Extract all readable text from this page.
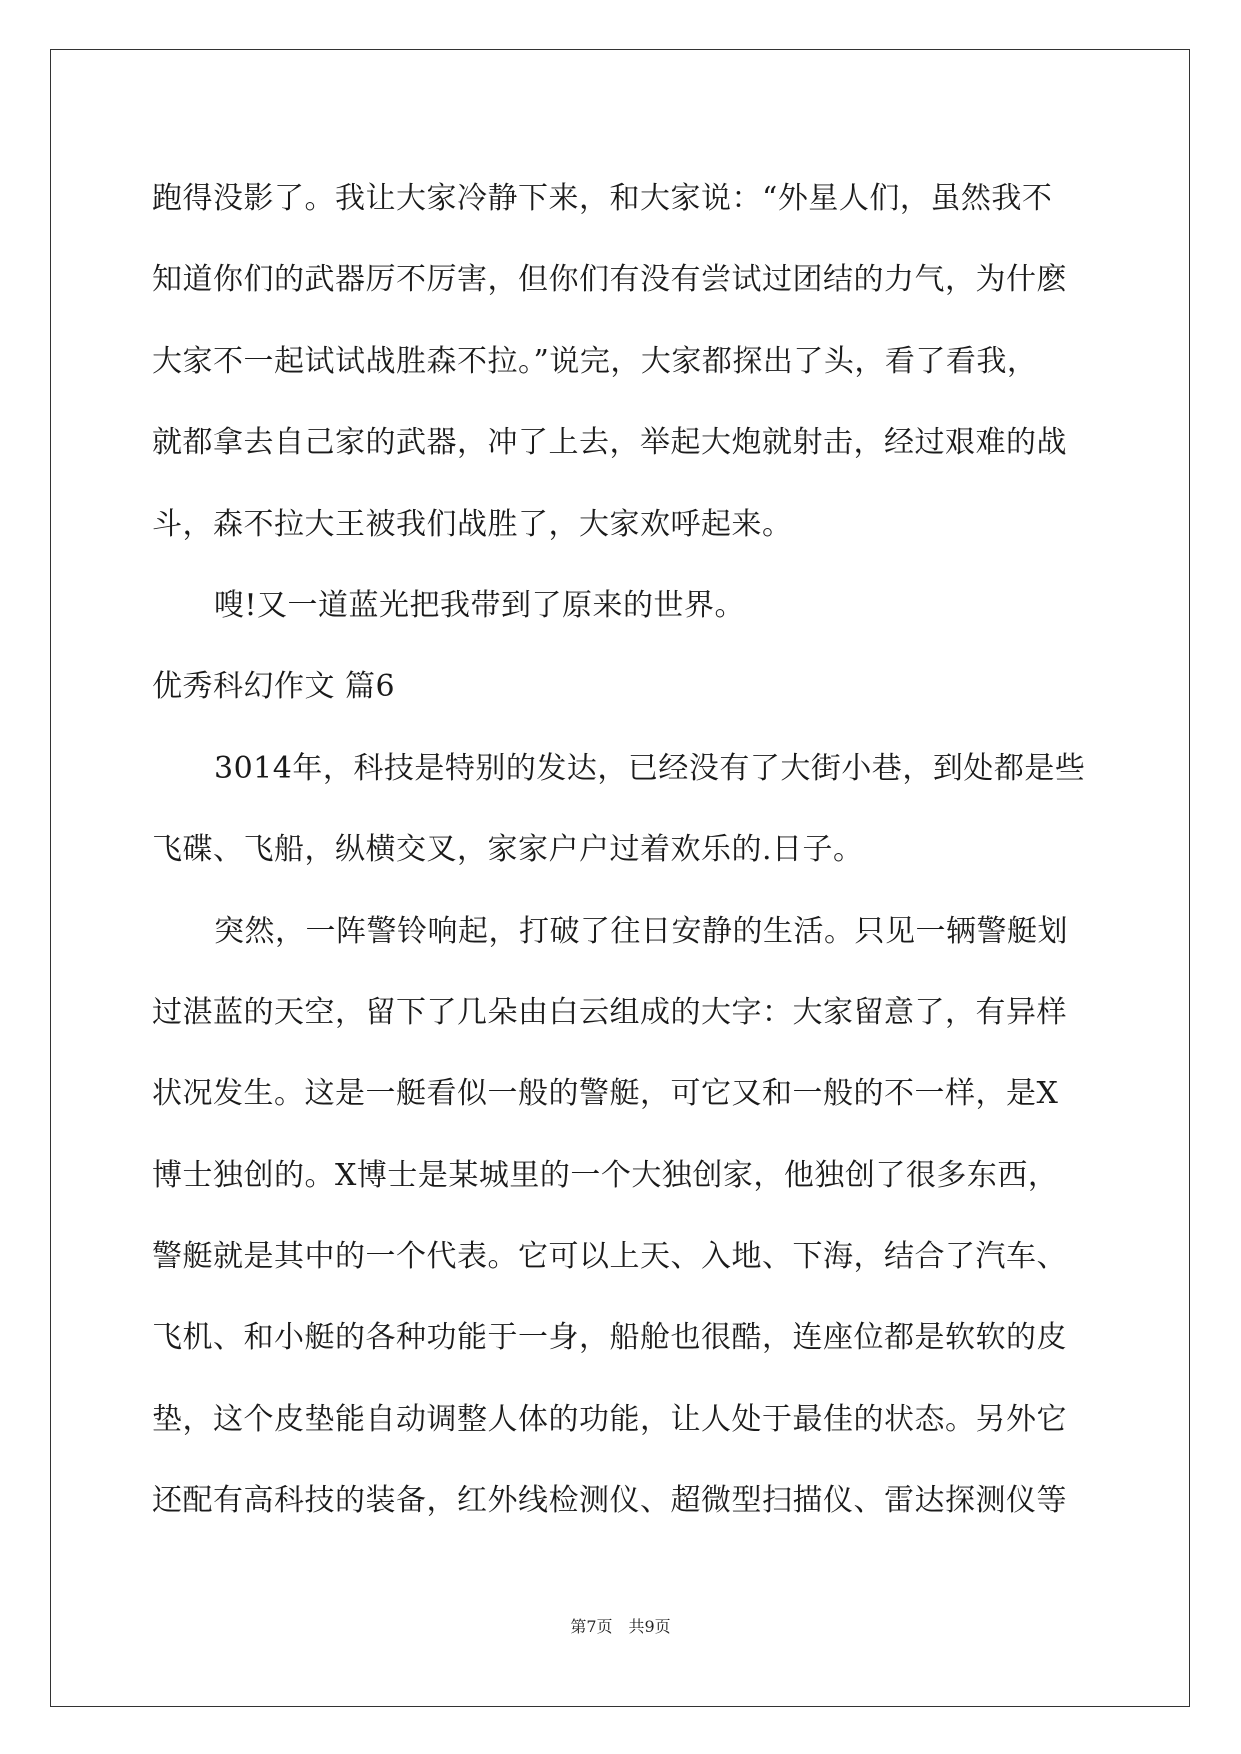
跑得没影了。我让大家冷静下来，和大家说：“外星人们，虽然我不
知道你们的武器厉不厉害，但你们有没有尝试过团结的力气，为什麽
大家不一起试试战胜森不拉。”说完，大家都探出了头，看了看我，
就都拿去自己家的武器，冲了上去，举起大炮就射击，经过艰难的战
斗，森不拉大王被我们战胜了，大家欢呼起来。
嗖!又一道蓝光把我带到了原来的世界。
优秀科幻作文 篇6
3014年，科技是特别的发达，已经没有了大街小巷，到处都是些
飞碟、飞船，纵横交叉，家家户户过着欢乐的.日子。
突然，一阵警铃响起，打破了往日安静的生活。只见一辆警艇划
过湛蓝的天空，留下了几朵由白云组成的大字：大家留意了，有异样
状况发生。这是一艇看似一般的警艇，可它又和一般的不一样，是X
博士独创的。X博士是某城里的一个大独创家，他独创了很多东西，
警艇就是其中的一个代表。它可以上天、入地、下海，结合了汽车、
飞机、和小艇的各种功能于一身，船舱也很酷，连座位都是软软的皮
垫，这个皮垫能自动调整人体的功能，让人处于最佳的状态。另外它
还配有高科技的装备，红外线检测仪、超微型扫描仪、雷达探测仪等
第7页 共9页
